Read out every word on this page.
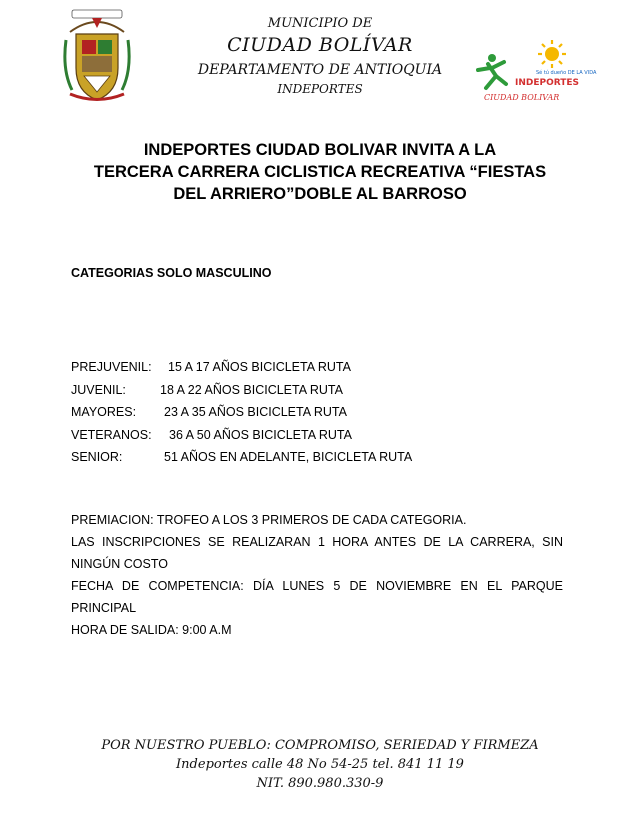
MUNICIPIO DE
CIUDAD BOLÍVAR
DEPARTAMENTO DE ANTIOQUIA
INDEPORTES
Sé tú dueño DE LA VIDA
INDEPORTES
CIUDAD BOLIVAR
INDEPORTES CIUDAD BOLIVAR INVITA A LA
TERCERA CARRERA CICLISTICA RECREATIVA “FIESTAS
DEL ARRIERO”DOBLE AL BARROSO
CATEGORIAS SOLO MASCULINO
PREJUVENIL: 15 A 17 AÑOS BICICLETA RUTA
JUVENIL:	18 A 22 AÑOS BICICLETA RUTA
MAYORES: 23 A 35 AÑOS BICICLETA RUTA
VETERANOS: 36 A 50 AÑOS BICICLETA RUTA
SENIOR:	51 AÑOS EN ADELANTE, BICICLETA RUTA
PREMIACION: TROFEO A LOS 3 PRIMEROS DE CADA CATEGORIA.
LAS INSCRIPCIONES SE REALIZARAN 1 HORA ANTES DE LA CARRERA, SIN NINGÚN COSTO
FECHA DE COMPETENCIA: DÍA LUNES 5 DE NOVIEMBRE EN EL PARQUE PRINCIPAL
HORA DE SALIDA: 9:00 A.M
POR NUESTRO PUEBLO: COMPROMISO, SERIEDAD Y FIRMEZA
Indeportes calle 48 No 54-25 tel. 841 11 19
NIT. 890.980.330-9
